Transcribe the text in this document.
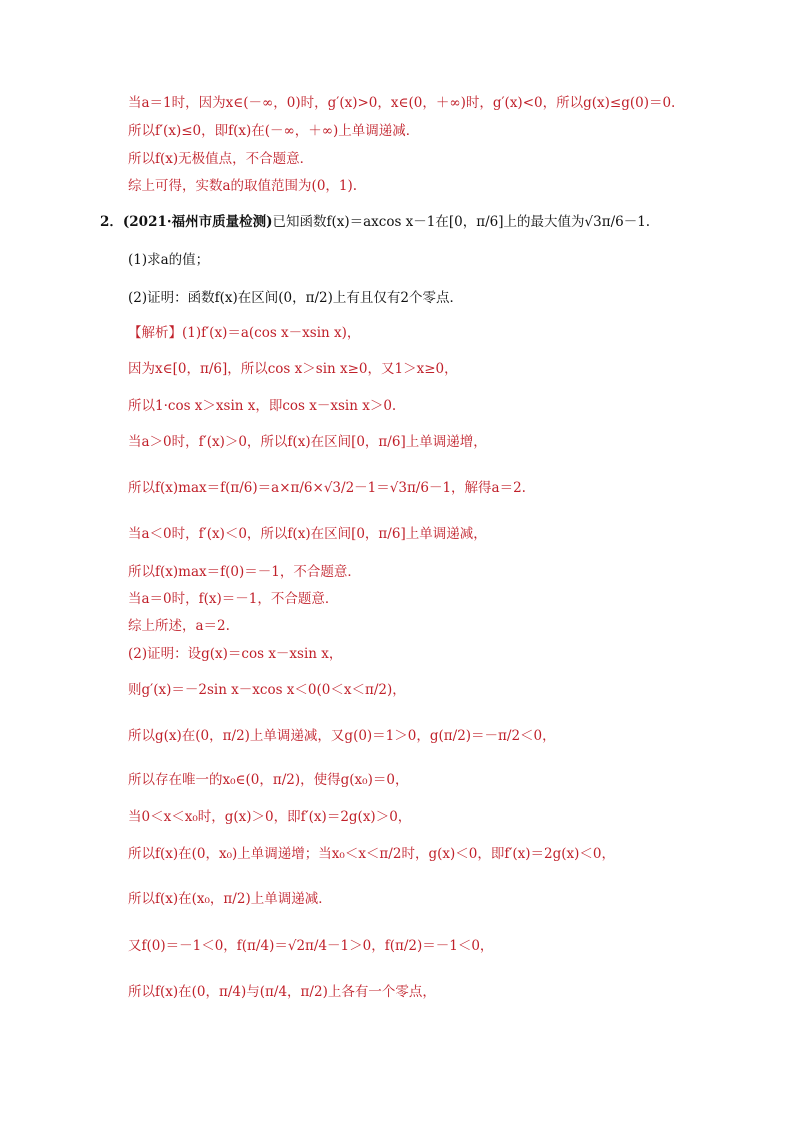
当a＝1时，因为x∈(－∞，0)时，g′(x)>0，x∈(0，＋∞)时，g′(x)<0，所以g(x)≤g(0)＝0.
所以f′(x)≤0，即f(x)在(－∞，＋∞)上单调递减．
所以f(x)无极值点，不合题意．
综上可得，实数a的取值范围为(0，1).
2．(2021·福州市质量检测)已知函数f(x)＝axcos x－1在[0，π/6]上的最大值为√3π/6－1.
(1)求a的值；
(2)证明：函数f(x)在区间(0，π/2)上有且仅有2个零点．
【解析】(1)f′(x)＝a(cos x－xsin x)，
因为x∈[0，π/6]，所以cos x＞sin x≥0，又1＞x≥0，
所以1·cos x＞xsin x，即cos x－xsin x＞0.
当a＞0时，f′(x)＞0，所以f(x)在区间[0，π/6]上单调递增，
所以f(x)max＝f(π/6)＝a×π/6×√3/2－1＝√3π/6－1，解得a＝2.
当a＜0时，f′(x)＜0，所以f(x)在区间[0，π/6]上单调递减，
所以f(x)max＝f(0)＝－1，不合题意．
当a＝0时，f(x)＝－1，不合题意．
综上所述，a＝2.
(2)证明：设g(x)＝cos x－xsin x，
则g′(x)＝－2sin x－xcos x＜0(0＜x＜π/2)，
所以g(x)在(0，π/2)上单调递减，又g(0)＝1＞0，g(π/2)＝－π/2＜0，
所以存在唯一的x₀∈(0，π/2)，使得g(x₀)＝0，
当0＜x＜x₀时，g(x)＞0，即f′(x)＝2g(x)＞0，
所以f(x)在(0，x₀)上单调递增；当x₀＜x＜π/2时，g(x)＜0，即f′(x)＝2g(x)＜0，
所以f(x)在(x₀，π/2)上单调递减．
又f(0)＝－1＜0，f(π/4)＝√2π/4－1＞0，f(π/2)＝－1＜0，
所以f(x)在(0，π/4)与(π/4，π/2)上各有一个零点，
